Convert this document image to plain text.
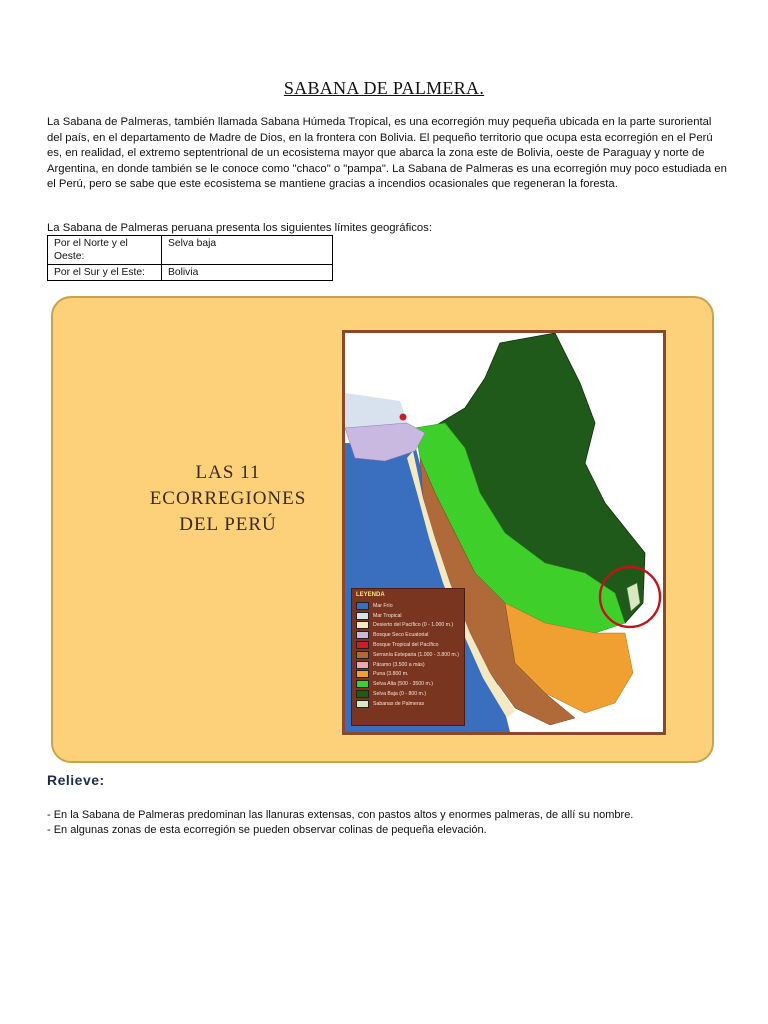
SABANA DE PALMERA.

La Sabana de Palmeras, también llamada Sabana Húmeda Tropical, es una ecorregión muy pequeña ubicada en la parte suroriental del país, en el departamento de Madre de Dios, en la frontera con Bolivia. El pequeño territorio que ocupa esta ecorregión en el Perú es, en realidad, el extremo septentrional de un ecosistema mayor que abarca la zona este de Bolivia, oeste de Paraguay y norte de Argentina, en donde también se le conoce como "chaco" o "pampa". La Sabana de Palmeras es una ecorregión muy poco estudiada en el Perú, pero se sabe que este ecosistema se mantiene gracias a incendios ocasionales que regeneran la foresta.

La Sabana de Palmeras peruana presenta los siguientes límites geográficos:

Por el Norte y el Oeste:	Selva baja
Por el Sur y el Este:	Bolivia
LAS 11
ECORREGIONES
DEL PERÚ
LEYENDA
Mar Frío
Mar Tropical
Desierto del Pacífico (0 - 1.000 m.)
Bosque Seco Ecuatorial
Bosque Tropical del Pacífico
Serranía Esteparia (1.000 - 3.800 m.)
Páramo (3.500 a más)
Puna (3.800 m.
Selva Alta (500 - 3500 m.)
Selva Baja (0 - 800 m.)
Sabanas de Palmeras
Relieve:
- En la Sabana de Palmeras predominan las llanuras extensas, con pastos altos y enormes palmeras, de allí su nombre.
- En algunas zonas de esta ecorregión se pueden observar colinas de pequeña elevación.
